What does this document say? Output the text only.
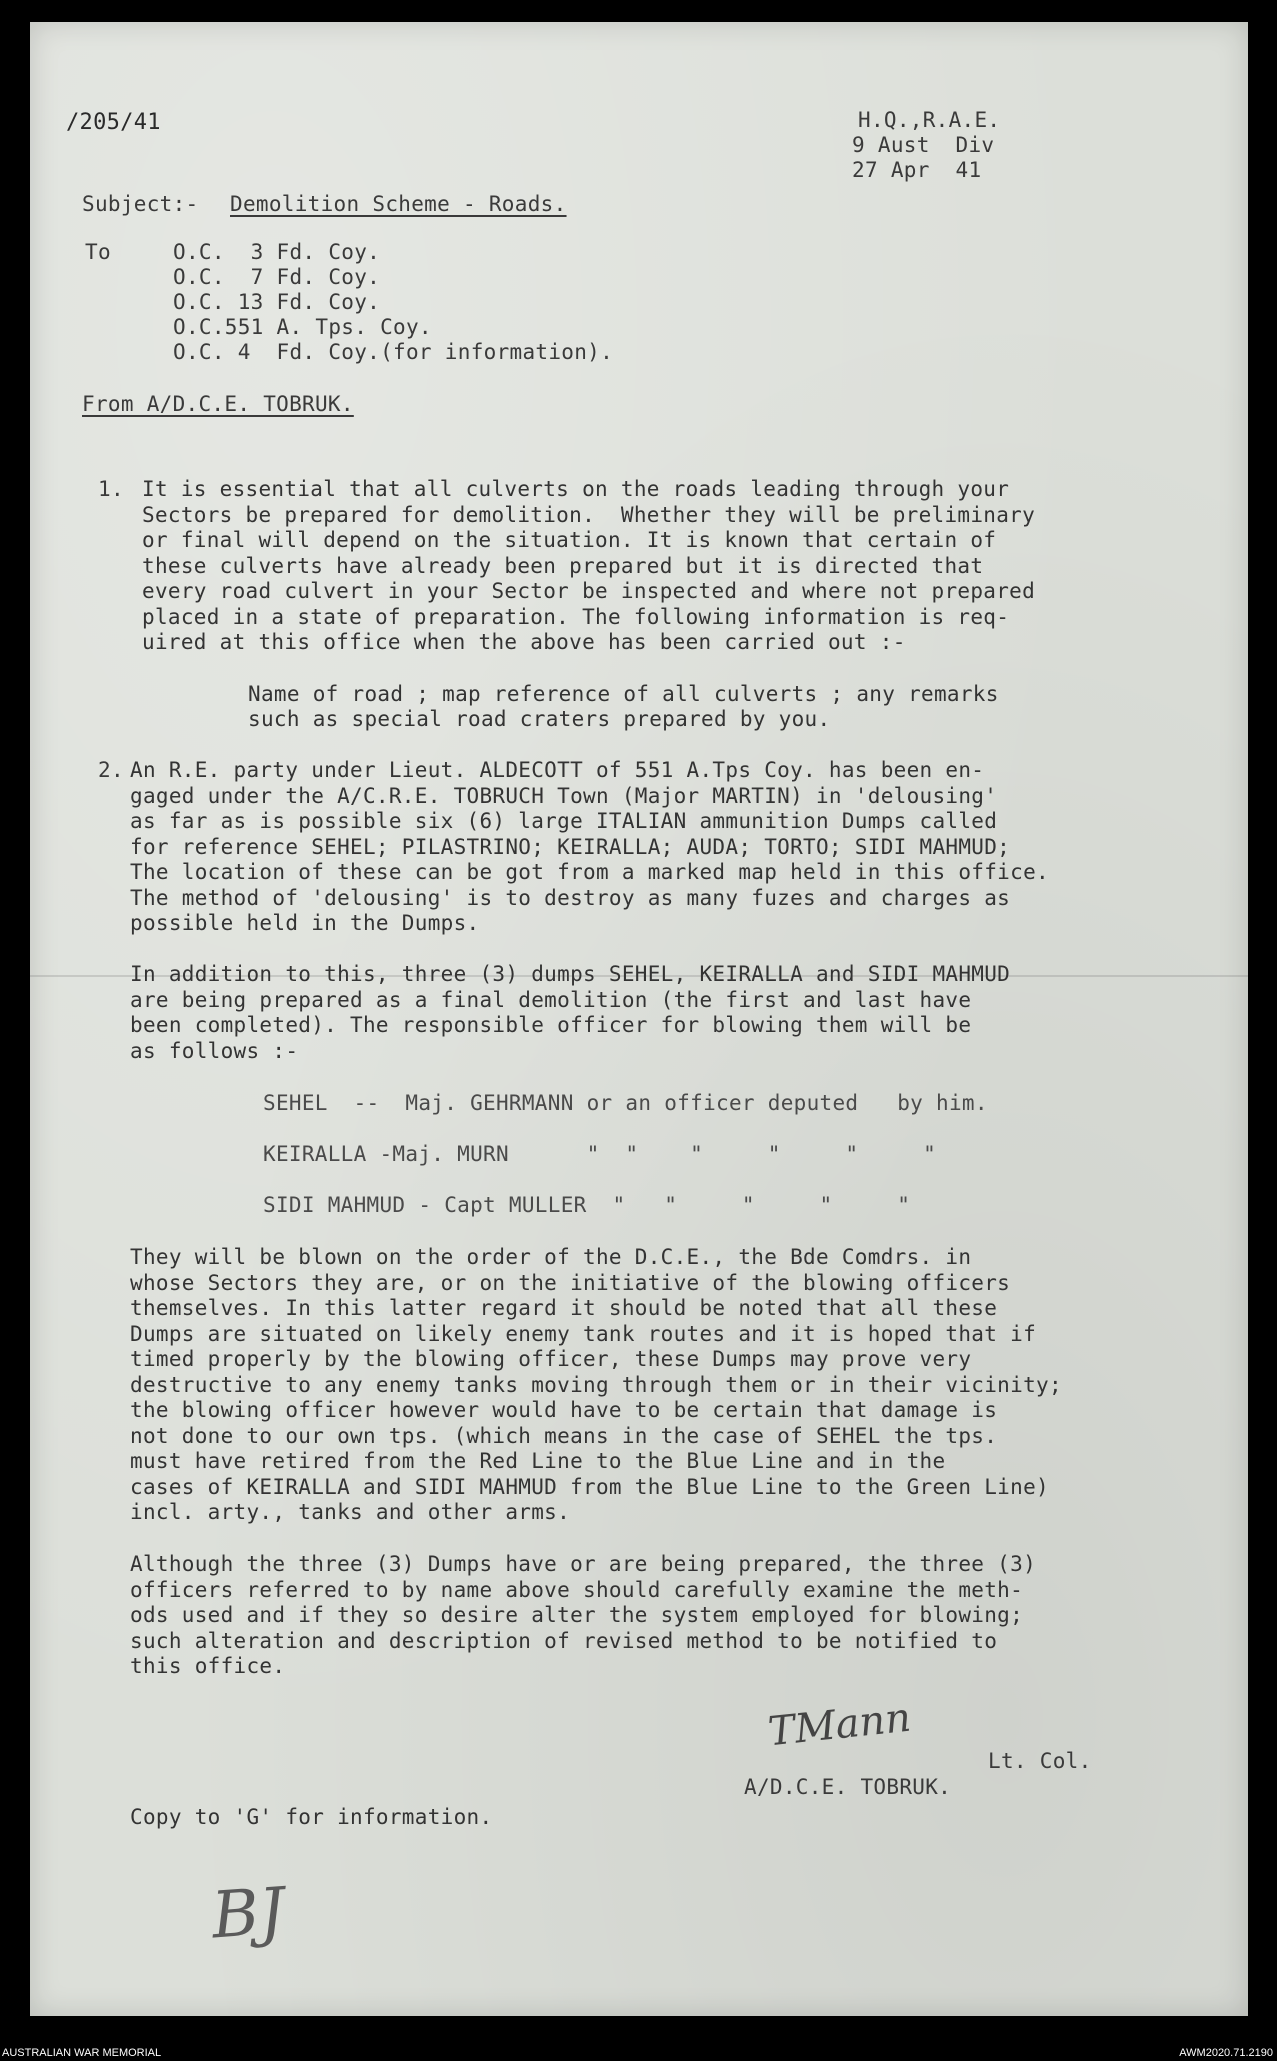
/205/41	H.Q.,R.A.E.
9 Aust  Div
27 Apr  41
Subject:- Demolition Scheme - Roads.
To	O.C.  3 Fd. Coy.
O.C.  7 Fd. Coy.
O.C. 13 Fd. Coy.
O.C.551 A. Tps. Coy.
O.C. 4  Fd. Coy.(for information).
From A/D.C.E. TOBRUK.
1. It is essential that all culverts on the roads leading through your
Sectors be prepared for demolition.  Whether they will be preliminary
or final will depend on the situation. It is known that certain of
these culverts have already been prepared but it is directed that
every road culvert in your Sector be inspected and where not prepared
placed in a state of preparation. The following information is req-
uired at this office when the above has been carried out :-
Name of road ; map reference of all culverts ; any remarks
such as special road craters prepared by you.
2. An R.E. party under Lieut. ALDECOTT of 551 A.Tps Coy. has been en-
gaged under the A/C.R.E. TOBRUCH Town (Major MARTIN) in 'delousing'
as far as is possible six (6) large ITALIAN ammunition Dumps called
for reference SEHEL; PILASTRINO; KEIRALLA; AUDA; TORTO; SIDI MAHMUD;
The location of these can be got from a marked map held in this office.
The method of 'delousing' is to destroy as many fuzes and charges as
possible held in the Dumps.
In addition to this, three (3) dumps SEHEL, KEIRALLA and SIDI MAHMUD
are being prepared as a final demolition (the first and last have
been completed). The responsible officer for blowing them will be
as follows :-
SEHEL  --  Maj. GEHRMANN or an officer deputed   by him.
KEIRALLA -Maj. MURN      "  "    "     "     "     "
SIDI MAHMUD - Capt MULLER  "   "     "     "     "
They will be blown on the order of the D.C.E., the Bde Comdrs. in
whose Sectors they are, or on the initiative of the blowing officers
themselves. In this latter regard it should be noted that all these
Dumps are situated on likely enemy tank routes and it is hoped that if
timed properly by the blowing officer, these Dumps may prove very
destructive to any enemy tanks moving through them or in their vicinity;
the blowing officer however would have to be certain that damage is
not done to our own tps. (which means in the case of SEHEL the tps.
must have retired from the Red Line to the Blue Line and in the
cases of KEIRALLA and SIDI MAHMUD from the Blue Line to the Green Line)
incl. arty., tanks and other arms.
Although the three (3) Dumps have or are being prepared, the three (3)
officers referred to by name above should carefully examine the meth-
ods used and if they so desire alter the system employed for blowing;
such alteration and description of revised method to be notified to
this office.
TMann
Lt. Col.
A/D.C.E. TOBRUK.
Copy to 'G' for information.
BJ
AUSTRALIAN WAR MEMORIAL	AWM2020.71.2190
